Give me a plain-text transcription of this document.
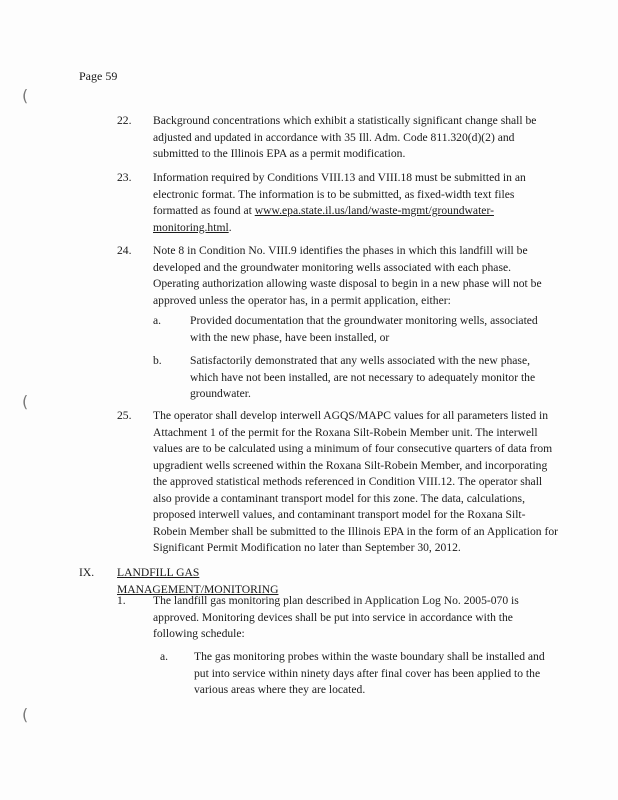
(
(
(
Page 59
22. Background concentrations which exhibit a statistically significant change shall be adjusted and updated in accordance with 35 Ill. Adm. Code 811.320(d)(2) and submitted to the Illinois EPA as a permit modification.
23. Information required by Conditions VIII.13 and VIII.18 must be submitted in an electronic format. The information is to be submitted, as fixed-width text files formatted as found at www.epa.state.il.us/land/waste-mgmt/groundwater-monitoring.html.
24. Note 8 in Condition No. VIII.9 identifies the phases in which this landfill will be developed and the groundwater monitoring wells associated with each phase. Operating authorization allowing waste disposal to begin in a new phase will not be approved unless the operator has, in a permit application, either:
a. Provided documentation that the groundwater monitoring wells, associated with the new phase, have been installed, or
b. Satisfactorily demonstrated that any wells associated with the new phase, which have not been installed, are not necessary to adequately monitor the groundwater.
25. The operator shall develop interwell AGQS/MAPC values for all parameters listed in Attachment 1 of the permit for the Roxana Silt-Robein Member unit. The interwell values are to be calculated using a minimum of four consecutive quarters of data from upgradient wells screened within the Roxana Silt-Robein Member, and incorporating the approved statistical methods referenced in Condition VIII.12. The operator shall also provide a contaminant transport model for this zone. The data, calculations, proposed interwell values, and contaminant transport model for the Roxana Silt-Robein Member shall be submitted to the Illinois EPA in the form of an Application for Significant Permit Modification no later than September 30, 2012.
IX. LANDFILL GAS MANAGEMENT/MONITORING
1. The landfill gas monitoring plan described in Application Log No. 2005-070 is approved. Monitoring devices shall be put into service in accordance with the following schedule:
a. The gas monitoring probes within the waste boundary shall be installed and put into service within ninety days after final cover has been applied to the various areas where they are located.
